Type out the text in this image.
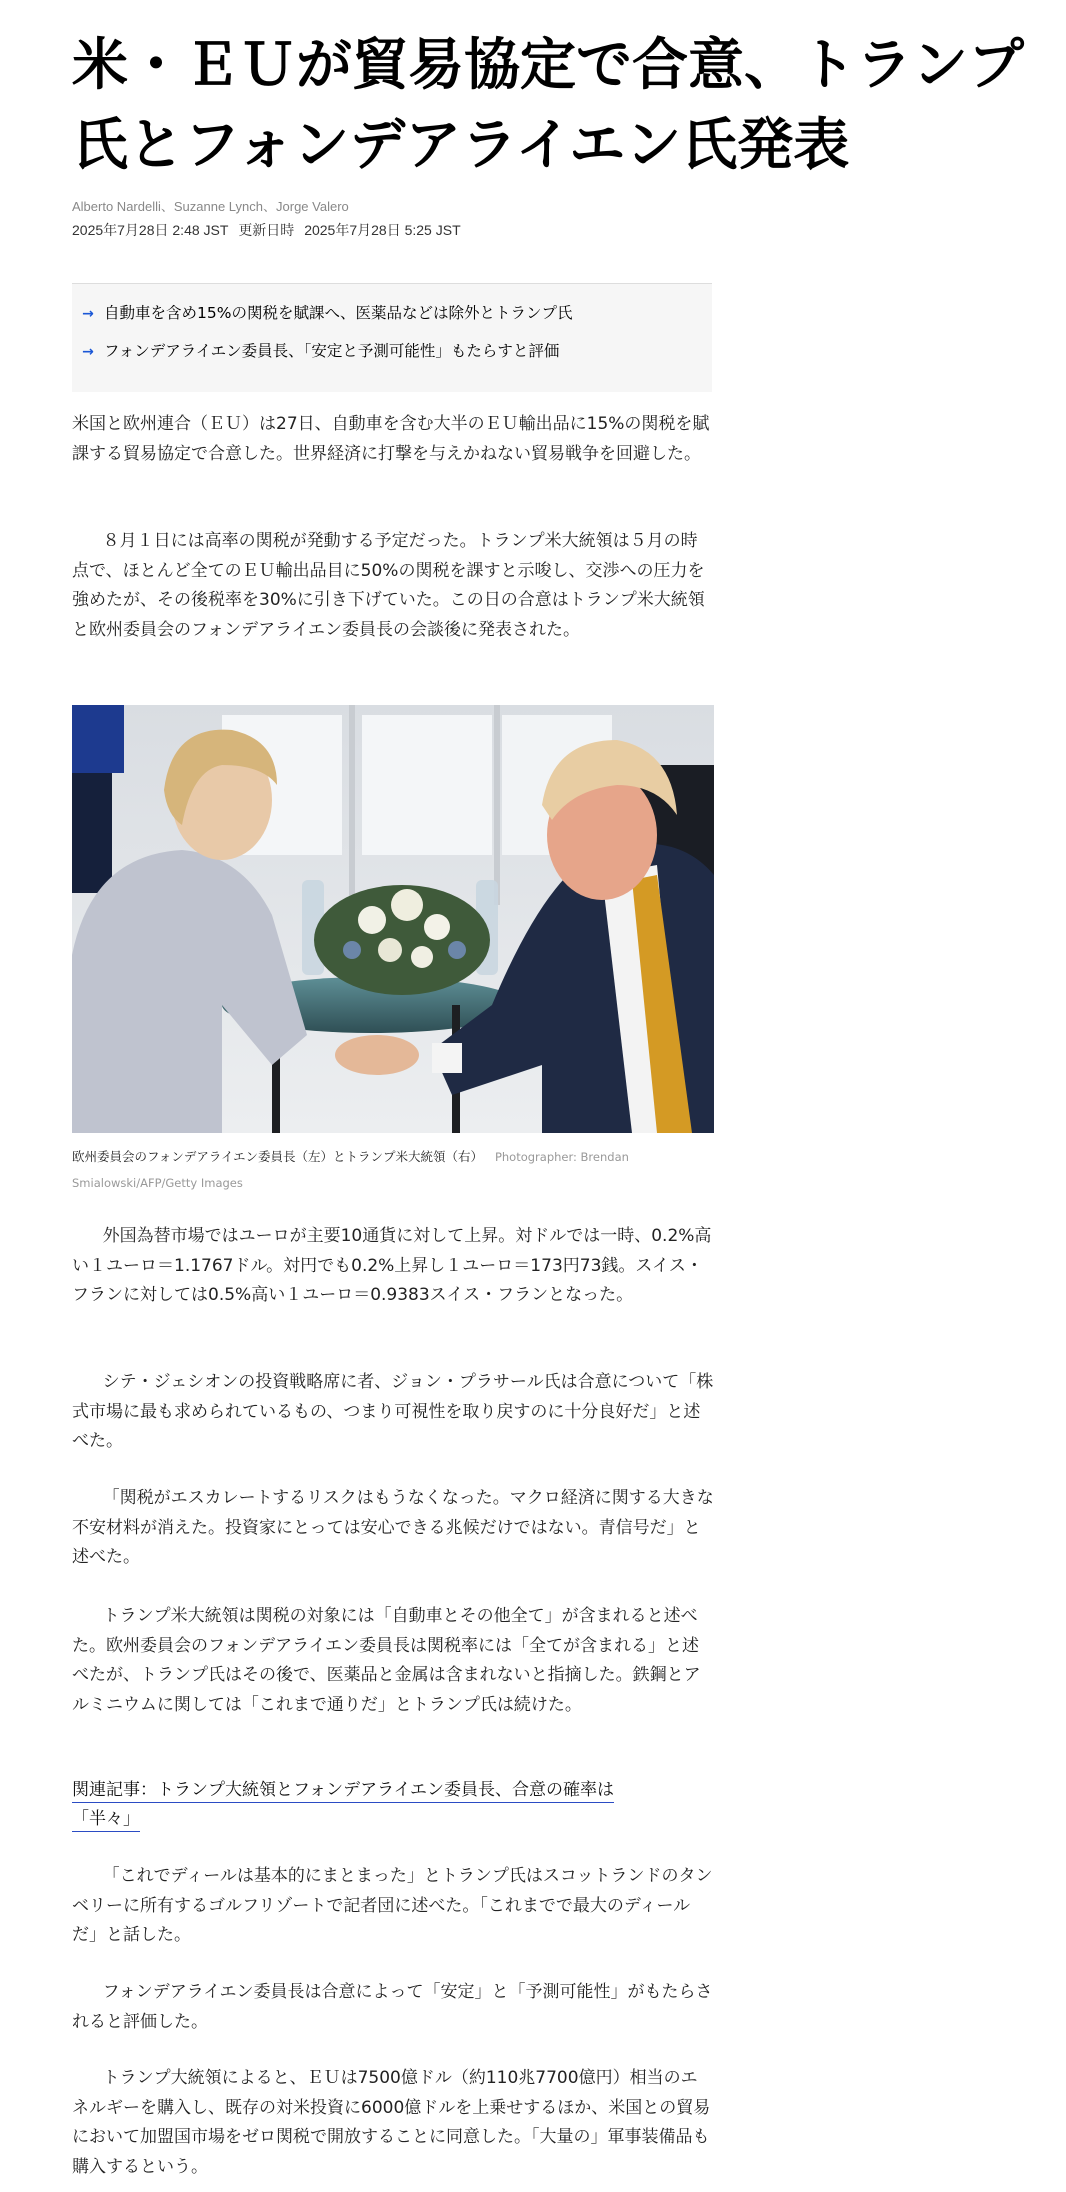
米・ＥＵが貿易協定で合意、トランプ氏とフォンデアライエン氏発表
Alberto Nardelli、Suzanne Lynch、Jorge Valero
2025年7月28日 2:48 JST 更新日時 2025年7月28日 5:25 JST
→ 自動車を含め15%の関税を賦課へ、医薬品などは除外とトランプ氏
→ フォンデアライエン委員長、「安定と予測可能性」もたらすと評価

米国と欧州連合（ＥＵ）は27日、自動車を含む大半のＥＵ輸出品に15%の関税を賦課する貿易協定で合意した。世界経済に打撃を与えかねない貿易戦争を回避した。

８月１日には高率の関税が発動する予定だった。トランプ米大統領は５月の時点で、ほとんど全てのＥＵ輸出品目に50%の関税を課すと示唆し、交渉への圧力を強めたが、その後税率を30%に引き下げていた。この日の合意はトランプ米大統領と欧州委員会のフォンデアライエン委員長の会談後に発表された。

欧州委員会のフォンデアライエン委員長（左）とトランプ米大統領（右） Photographer: Brendan Smialowski/AFP/Getty Images

外国為替市場ではユーロが主要10通貨に対して上昇。対ドルでは一時、0.2%高い１ユーロ＝1.1767ドル。対円でも0.2%上昇し１ユーロ＝173円73銭。スイス・フランに対しては0.5%高い１ユーロ＝0.9383スイス・フランとなった。

シテ・ジェシオンの投資戦略席に者、ジョン・プラサール氏は合意について「株式市場に最も求められているもの、つまり可視性を取り戻すのに十分良好だ」と述べた。

「関税がエスカレートするリスクはもうなくなった。マクロ経済に関する大きな不安材料が消えた。投資家にとっては安心できる兆候だけではない。青信号だ」と述べた。

トランプ米大統領は関税の対象には「自動車とその他全て」が含まれると述べた。欧州委員会のフォンデアライエン委員長は関税率には「全てが含まれる」と述べたが、トランプ氏はその後で、医薬品と金属は含まれないと指摘した。鉄鋼とアルミニウムに関しては「これまで通りだ」とトランプ氏は続けた。

関連記事：トランプ大統領とフォンデアライエン委員長、合意の確率は「半々」

「これでディールは基本的にまとまった」とトランプ氏はスコットランドのタンベリーに所有するゴルフリゾートで記者団に述べた。「これまでで最大のディールだ」と話した。

フォンデアライエン委員長は合意によって「安定」と「予測可能性」がもたらされると評価した。

トランプ大統領によると、ＥＵは7500億ドル（約110兆7700億円）相当のエネルギーを購入し、既存の対米投資に6000億ドルを上乗せするほか、米国との貿易において加盟国市場をゼロ関税で開放することに同意した。「大量の」軍事装備品も購入するという。
